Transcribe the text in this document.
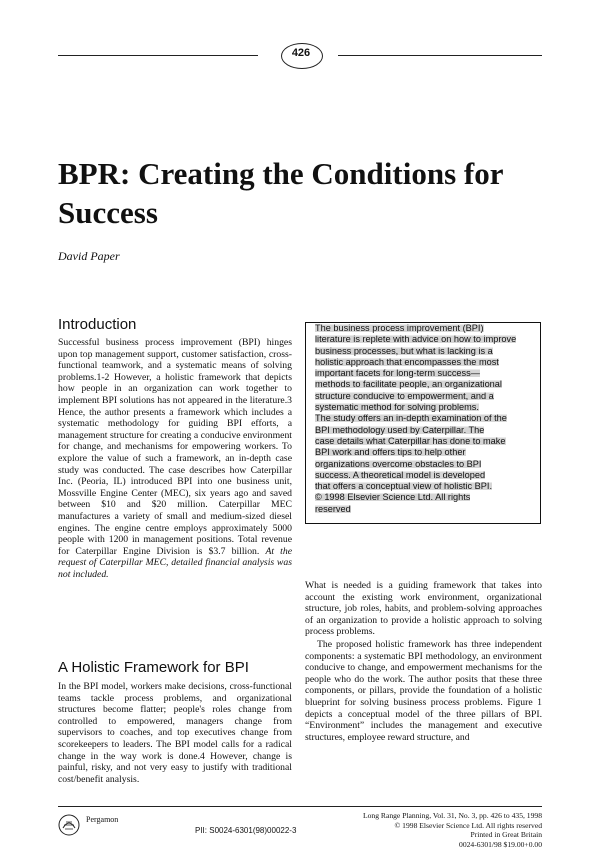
426
BPR: Creating the Conditions for Success
David Paper
Introduction
Successful business process improvement (BPI) hinges upon top management support, customer satisfaction, cross-functional teamwork, and a systematic means of solving problems.1-2 However, a holistic framework that depicts how people in an organization can work together to implement BPI solutions has not appeared in the literature.3 Hence, the author presents a framework which includes a systematic methodology for guiding BPI efforts, a management structure for creating a conducive environment for change, and mechanisms for empowering workers. To explore the value of such a framework, an in-depth case study was conducted. The case describes how Caterpillar Inc. (Peoria, IL) introduced BPI into one business unit, Mossville Engine Center (MEC), six years ago and saved between $10 and $20 million. Caterpillar MEC manufactures a variety of small and medium-sized diesel engines. The engine centre employs approximately 5000 people with 1200 in management positions. Total revenue for Caterpillar Engine Division is $3.7 billion. At the request of Caterpillar MEC, detailed financial analysis was not included.
A Holistic Framework for BPI

In the BPI model, workers make decisions, cross-functional teams tackle process problems, and organizational structures become flatter; people's roles change from controlled to empowered, managers change from supervisors to coaches, and top executives change from scorekeepers to leaders. The BPI model calls for a radical change in the way work is done.4 However, change is painful, risky, and not very easy to justify with traditional cost/benefit analysis.

The business process improvement (BPI)
literature is replete with advice on how to improve
business processes, but what is lacking is a
holistic approach that encompasses the most
important facets for long-term success—
methods to facilitate people, an organizational
structure conducive to empowerment, and a
systematic method for solving problems.
The study offers an in-depth examination of the
BPI methodology used by Caterpillar. The
case details what Caterpillar has done to make
BPI work and offers tips to help other
organizations overcome obstacles to BPI
success. A theoretical model is developed
that offers a conceptual view of holistic BPI.
© 1998 Elsevier Science Ltd. All rights
reserved

What is needed is a guiding framework that takes into account the existing work environment, organizational structure, job roles, habits, and problem-solving approaches of an organization to provide a holistic approach to solving process problems.

The proposed holistic framework has three independent components: a systematic BPI methodology, an environment conducive to change, and empowerment mechanisms for the people who do the work. The author posits that these three components, or pillars, provide the foundation of a holistic blueprint for solving business process problems. Figure 1 depicts a conceptual model of the three pillars of BPI. “Environment” includes the management and executive structures, employee reward structure, and

Pergamon
PII: S0024-6301(98)00022-3
Long Range Planning, Vol. 31, No. 3, pp. 426 to 435, 1998
© 1998 Elsevier Science Ltd. All rights reserved
Printed in Great Britain
0024-6301/98 $19.00+0.00
